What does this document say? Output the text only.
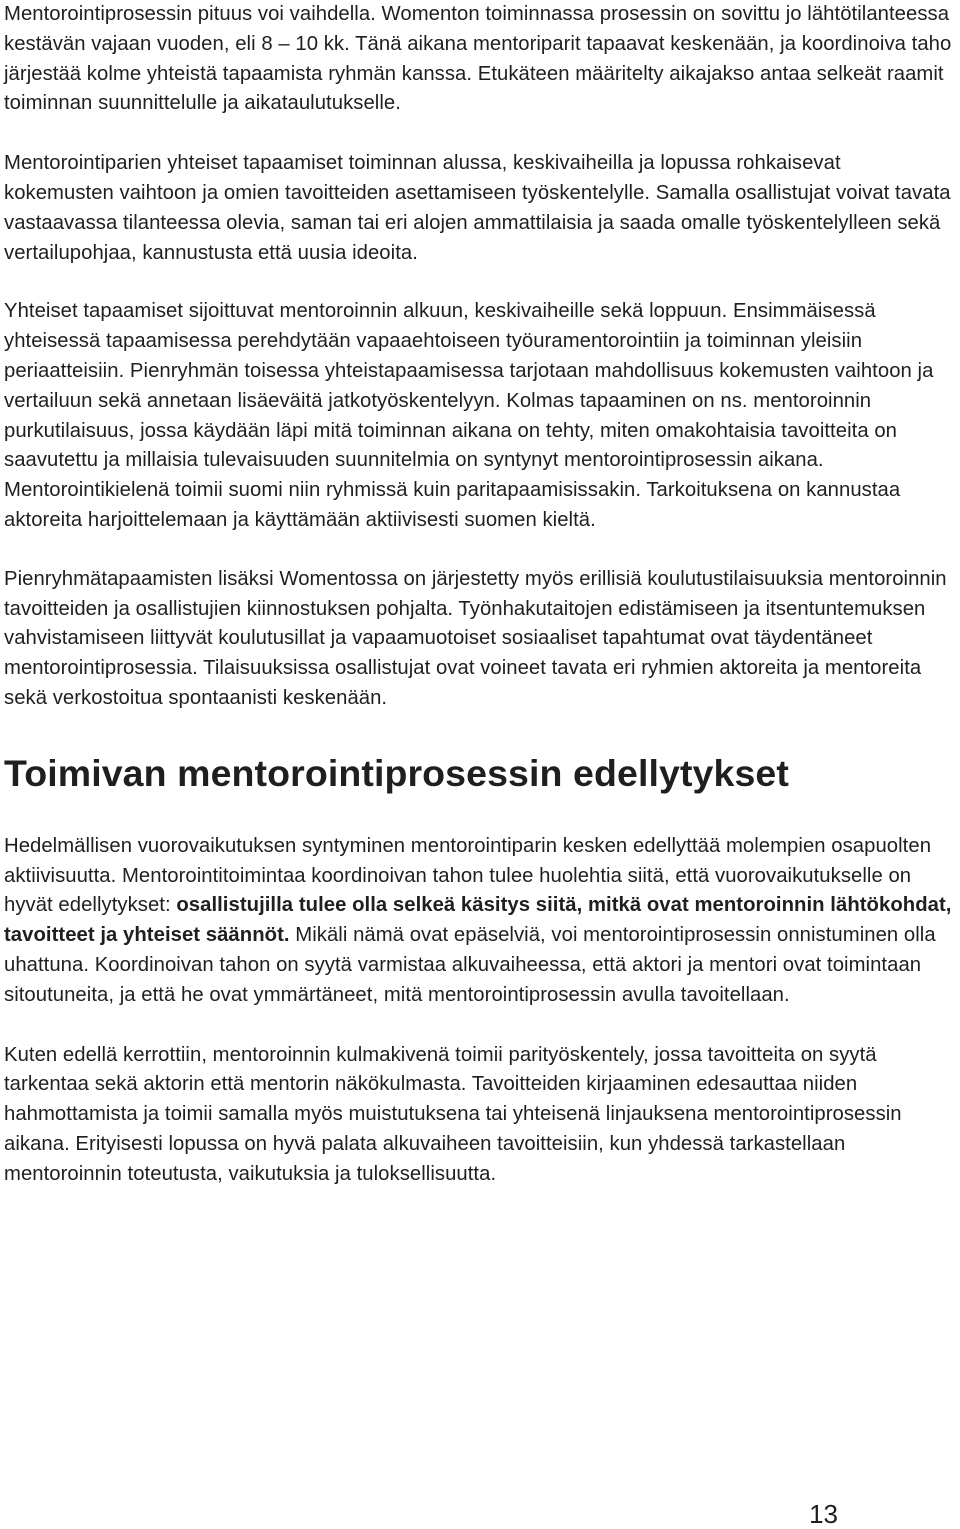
Mentorointiprosessin pituus voi vaihdella. Womenton toiminnassa prosessin on sovittu jo lähtötilanteessa kestävän vajaan vuoden, eli 8 – 10 kk. Tänä aikana mentoriparit tapaavat keskenään, ja koordinoiva taho järjestää kolme yhteistä tapaamista ryhmän kanssa. Etukäteen määritelty aikajakso antaa selkeät raamit toiminnan suunnittelulle ja aikataulutukselle.

Mentorointiparien yhteiset tapaamiset toiminnan alussa, keskivaiheilla ja lopussa rohkaisevat kokemusten vaihtoon ja omien tavoitteiden asettamiseen työskentelylle. Samalla osallistujat voivat tavata vastaavassa tilanteessa olevia, saman tai eri alojen ammattilaisia ja saada omalle työskentelylleen sekä vertailupohjaa, kannustusta että uusia ideoita.

Yhteiset tapaamiset sijoittuvat mentoroinnin alkuun, keskivaiheille sekä loppuun. Ensimmäisessä yhteisessä tapaamisessa perehdytään vapaaehtoiseen työuramentorointiin ja toiminnan yleisiin periaatteisiin. Pienryhmän toisessa yhteistapaamisessa tarjotaan mahdollisuus kokemusten vaihtoon ja vertailuun sekä annetaan lisäeväitä jatkotyöskentelyyn. Kolmas tapaaminen on ns. mentoroinnin purkutilaisuus, jossa käydään läpi mitä toiminnan aikana on tehty, miten omakohtaisia tavoitteita on saavutettu ja millaisia tulevaisuuden suunnitelmia on syntynyt mentorointiprosessin aikana. Mentorointikielenä toimii suomi niin ryhmissä kuin paritapaamisissakin. Tarkoituksena on kannustaa aktoreita harjoittelemaan ja käyttämään aktiivisesti suomen kieltä.

Pienryhmätapaamisten lisäksi Womentossa on järjestetty myös erillisiä koulutustilaisuuksia mentoroinnin tavoitteiden ja osallistujien kiinnostuksen pohjalta. Työnhakutaitojen edistämiseen ja itsentuntemuksen vahvistamiseen liittyvät koulutusillat ja vapaamuotoiset sosiaaliset tapahtumat ovat täydentäneet mentorointiprosessia. Tilaisuuksissa osallistujat ovat voineet tavata eri ryhmien aktoreita ja mentoreita sekä verkostoitua spontaanisti keskenään.

Toimivan mentorointiprosessin edellytykset

Hedelmällisen vuorovaikutuksen syntyminen mentorointiparin kesken edellyttää molempien osapuolten aktiivisuutta. Mentorointitoimintaa koordinoivan tahon tulee huolehtia siitä, että vuorovaikutukselle on hyvät edellytykset: osallistujilla tulee olla selkeä käsitys siitä, mitkä ovat mentoroinnin lähtökohdat, tavoitteet ja yhteiset säännöt. Mikäli nämä ovat epäselviä, voi mentorointiprosessin onnistuminen olla uhattuna. Koordinoivan tahon on syytä varmistaa alkuvaiheessa, että aktori ja mentori ovat toimintaan sitoutuneita, ja että he ovat ymmärtäneet, mitä mentorointiprosessin avulla tavoitellaan.

Kuten edellä kerrottiin, mentoroinnin kulmakivenä toimii parityöskentely, jossa tavoitteita on syytä tarkentaa sekä aktorin että mentorin näkökulmasta. Tavoitteiden kirjaaminen edesauttaa niiden hahmottamista ja toimii samalla myös muistutuksena tai yhteisenä linjauksena mentorointiprosessin aikana. Erityisesti lopussa on hyvä palata alkuvaiheen tavoitteisiin, kun yhdessä tarkastellaan mentoroinnin toteutusta, vaikutuksia ja tuloksellisuutta.

13
